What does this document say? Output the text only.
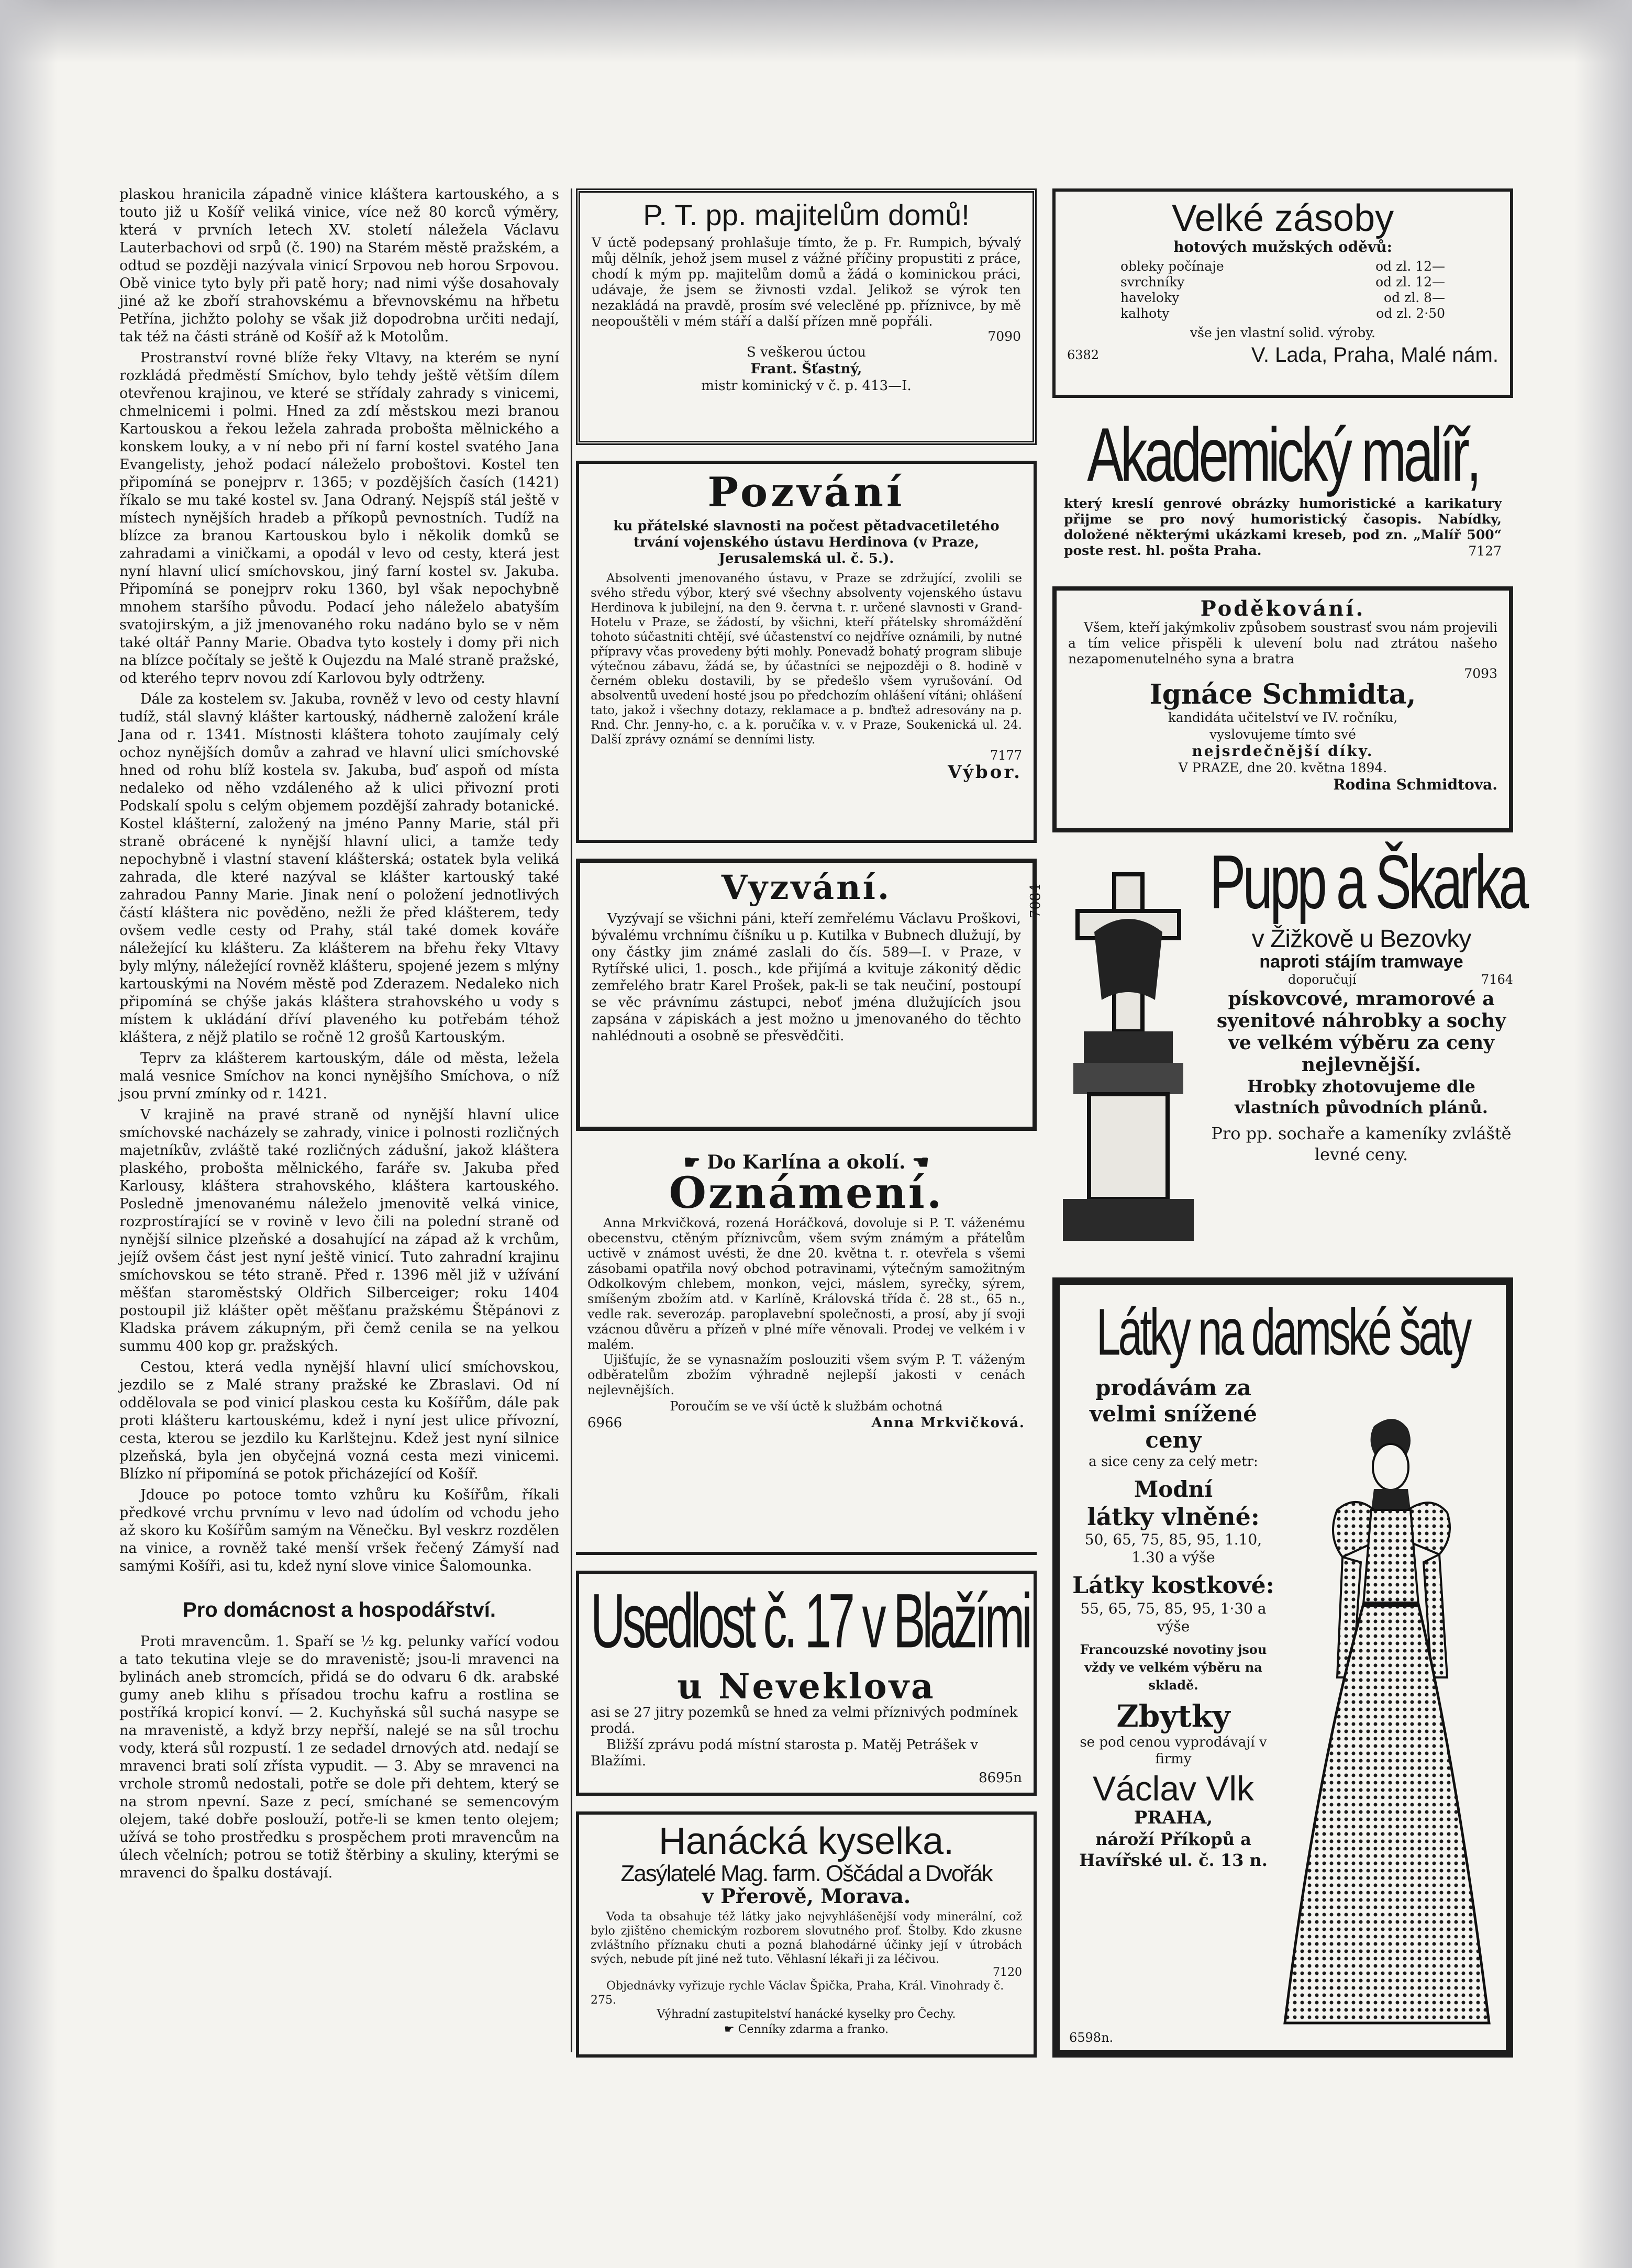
plaskou hranicila západně vinice kláštera kartouského, a s touto již u Košíř veliká vinice, více než 80 korců výměry, která v prvních letech XV. století náležela Václavu Lauterbachovi od srpů (č. 190) na Starém městě pražském, a odtud se později nazývala vinicí Srpovou neb horou Srpovou. Obě vinice tyto byly při patě hory; nad nimi výše dosahovaly jiné až ke zboří strahovskému a břevnovskému na hřbetu Petřína, jichžto polohy se však již dopodrobna určiti nedají, tak též na části stráně od Košíř až k Motolům.

Prostranství rovné blíže řeky Vltavy, na kterém se nyní rozkládá předměstí Smíchov, bylo tehdy ještě větším dílem otevřenou krajinou, ve které se střídaly zahrady s vinicemi, chmelnicemi i polmi. Hned za zdí městskou mezi branou Kartouskou a řekou ležela zahrada probošta mělnického a konskem louky, a v ní nebo při ní farní kostel svatého Jana Evangelisty, jehož podací náleželo proboštovi. Kostel ten připomíná se ponejprv r. 1365; v pozdějších časích (1421) říkalo se mu také kostel sv. Jana Odraný. Nejspíš stál ještě v místech nynějších hradeb a příkopů pevnostních. Tudíž na blízce za branou Kartouskou bylo i několik domků se zahradami a viničkami, a opodál v levo od cesty, která jest nyní hlavní ulicí smíchovskou, jiný farní kostel sv. Jakuba. Připomíná se ponejprv roku 1360, byl však nepochybně mnohem staršího původu. Podací jeho náleželo abatyším svatojirským, a již jmenovaného roku nadáno bylo se v něm také oltář Panny Marie. Obadva tyto kostely i domy při nich na blízce počítaly se ještě k Oujezdu na Malé straně pražské, od kterého teprv novou zdí Karlovou byly odtrženy.

Dále za kostelem sv. Jakuba, rovněž v levo od cesty hlavní tudíž, stál slavný klášter kartouský, nádherně založení krále Jana od r. 1341. Místnosti kláštera tohoto zaujímaly celý ochoz nynějších domův a zahrad ve hlavní ulici smíchovské hned od rohu blíž kostela sv. Jakuba, buď aspoň od místa nedaleko od něho vzdáleného až k ulici přivozní proti Podskalí spolu s celým objemem pozdější zahrady botanické. Kostel klášterní, založený na jméno Panny Marie, stál při straně obrácené k nynější hlavní ulici, a tamže tedy nepochybně i vlastní stavení klášterská; ostatek byla veliká zahrada, dle které nazýval se klášter kartouský také zahradou Panny Marie. Jinak není o položení jednotlivých částí kláštera nic pověděno, nežli že před klášterem, tedy ovšem vedle cesty od Prahy, stál také domek kováře náležející ku klášteru. Za klášterem na břehu řeky Vltavy byly mlýny, náležející rovněž klášteru, spojené jezem s mlýny kartouskými na Novém městě pod Zderazem. Nedaleko nich připomíná se chýše jakás kláštera strahovského u vody s místem k ukládání dříví plaveného ku potřebám téhož kláštera, z nějž platilo se ročně 12 grošů Kartouským.

Teprv za klášterem kartouským, dále od města, ležela malá vesnice Smíchov na konci nynějšího Smíchova, o níž jsou první zmínky od r. 1421.

V krajině na pravé straně od nynější hlavní ulice smíchovské nacházely se zahrady, vinice i polnosti rozličných majetníkův, zvláště také rozličných zádušní, jakož kláštera plaského, probošta mělnického, faráře sv. Jakuba před Karlousy, kláštera strahovského, kláštera kartouského. Posledně jmenovanému náleželo jmenovitě velká vinice, rozprostírající se v rovině v levo čili na polední straně od nynější silnice plzeňské a dosahující na západ až k vrchům, jejíž ovšem část jest nyní ještě vinicí. Tuto zahradní krajinu smíchovskou se této straně. Před r. 1396 měl již v užívání měšťan staroměstský Oldřich Silberceiger; roku 1404 postoupil již klášter opět měšťanu pražskému Štěpánovi z Kladska právem zákupným, při čemž cenila se na yelkou summu 400 kop gr. pražských.

Cestou, která vedla nynější hlavní ulicí smíchovskou, jezdilo se z Malé strany pražské ke Zbraslavi. Od ní oddělovala se pod vinicí plaskou cesta ku Košířům, dále pak proti klášteru kartouskému, kdež i nyní jest ulice přívozní, cesta, kterou se jezdilo ku Karlštejnu. Kdež jest nyní silnice plzeňská, byla jen obyčejná vozná cesta mezi vinicemi. Blízko ní připomíná se potok přicházející od Košíř.

Jdouce po potoce tomto vzhůru ku Košířům, říkali předkové vrchu prvnímu v levo nad údolím od vchodu jeho až skoro ku Košířům samým na Věnečku. Byl veskrz rozdělen na vinice, a rovněž také menší vršek řečený Zámyší nad samými Košíři, asi tu, kdež nyní slove vinice Šalomounka.

Pro domácnost a hospodářství.

Proti mravencům. 1. Spaří se ½ kg. pelunky vařící vodou a tato tekutina vleje se do mravenistě; jsou-li mravenci na bylinách aneb stromcích, přidá se do odvaru 6 dk. arabské gumy aneb klihu s přísadou trochu kafru a rostlina se postříká kropicí konví. — 2. Kuchyňská sůl suchá nasype se na mravenistě, a když brzy nepřší, nalejé se na sůl trochu vody, která sůl rozpustí. 1 ze sedadel drnových atd. nedají se mravenci brati solí zřísta vypudit. — 3. Aby se mravenci na vrchole stromů nedostali, potře se dole při dehtem, který se na strom npevní. Saze z pecí, smíchané se semencovým olejem, také dobře poslouží, potře-li se kmen tento olejem; užívá se toho prostředku s prospěchem proti mravencům na úlech včelních; potrou se totiž štěrbiny a skuliny, kterými se mravenci do špalku dostávají.

P. T. pp. majitelům domů!

V úctě podepsaný prohlašuje tímto, že p. Fr. Rumpich, bývalý můj dělník, jehož jsem musel z vážné příčiny propustiti z práce, chodí k mým pp. majitelům domů a žádá o kominickou práci, udávaje, že jsem se živnosti vzdal. Jelikož se výrok ten nezakládá na pravdě, prosím své veleclěné pp. příznivce, by mě neopouštěli v mém stáří a další přízen mně popřáli.

7090

S veškerou úctou

Frant. Šťastný,

mistr kominický v č. p. 413—I.

Pozvání

ku přátelské slavnosti na počest pětadvacetiletého trvání vojenského ústavu Herdinova (v Praze, Jerusalemská ul. č. 5.).

Absolventi jmenovaného ústavu, v Praze se zdržující, zvolili se svého středu výbor, který své všechny absolventy vojenského ústavu Herdinova k jubilejní, na den 9. června t. r. určené slavnosti v Grand-Hotelu v Praze, se žádostí, by všichni, kteří přátelsky shromáždění tohoto súčastniti chtějí, své účastenství co nejdříve oznámili, by nutné přípravy včas provedeny býti mohly. Ponevadž bohatý program slibuje výtečnou zábavu, žádá se, by účastníci se nejpozději o 8. hodině v černém obleku dostavili, by se předešlo všem vyrušování. Od absolventů uvedení hosté jsou po předchozím ohlášení vítáni; ohlášení tato, jakož i všechny dotazy, reklamace a p. bnďtež adresovány na p. Rnd. Chr. Jenny-ho, c. a k. poručíka v. v. v Praze, Soukenická ul. 24. Další zprávy oznámí se denními listy.

7177

Výbor.

Vyzvání.	7084

Vyzývají se všichni páni, kteří zemřelému Václavu Proškovi, bývalému vrchnímu číšníku u p. Kutilka v Bubnech dlužují, by ony částky jim známé zaslali do čís. 589—I. v Praze, v Rytířské ulici, 1. posch., kde přijímá a kvituje zákonitý dědic zemřelého bratr Karel Prošek, pak-li se tak neučiní, postoupí se věc právnímu zástupci, neboť jména dlužujících jsou zapsána v zápiskách a jest možno u jmenovaného do těchto nahlédnouti a osobně se přesvědčiti.

☛ Do Karlína a okolí. ☚
Oznámení.

Anna Mrkvičková, rozená Horáčková, dovoluje si P. T. váženému obecenstvu, ctěným příznivcům, všem svým známým a přátelům uctivě v známost uvésti, že dne 20. května t. r. otevřela s všemi zásobami opatřila nový obchod potravinami, výtečným samožitným Odkolkovým chlebem, monkon, vejci, máslem, syrečky, sýrem, smíšeným zbožím atd. v Karlíně, Královská třída č. 28 st., 65 n., vedle rak. severozáp. paroplavební společnosti, a prosí, aby jí svoji vzácnou důvěru a přízeň v plné míře věnovali. Prodej ve velkém i v malém.

Ujišťujíc, že se vynasnažím poslouziti všem svým P. T. váženým odběratelům zbožím výhradně nejlepší jakosti v cenách nejlevnějších.

Poroučím se ve vší úctě k službám ochotná

6966	Anna Mrkvičková.
Usedlost č. 17 v Blažími
u Neveklova

asi se 27 jitry pozemků se hned za velmi příznivých podmínek prodá.

Bližší zprávu podá místní starosta p. Matěj Petrášek v Blažími.

8695n

Hanácká kyselka.
Zasýlatelé Mag. farm. Oščádal a Dvořák
v Přerově, Morava.

Voda ta obsahuje též látky jako nejvyhlášenější vody minerální, což bylo zjištěno chemickým rozborem slovutného prof. Štolby. Kdo zkusne zvláštního příznaku chuti a pozná blahodárné účinky její v útrobách svých, nebude pít jiné než tuto. Věhlasní lékaři ji za léčivou.

7120

Objednávky vyřizuje rychle Václav Špička, Praha, Král. Vinohrady č. 275.

Výhradní zastupitelství hanácké kyselky pro Čechy.

☛ Cenníky zdarma a franko.
Velké zásoby
hotových mužských oděvů:
obleky počínaje	od zl. 12—
svrchníky	od zl. 12—
haveloky	od zl. 8—
kalhoty	od zl. 2·50
vše jen vlastní solid. výroby.
6382	V. Lada, Praha, Malé nám.
Akademický malíř,

který kreslí genrové obrázky humoristické a karikatury přijme se pro nový humoristický časopis. Nabídky, doložené některými ukázkami kreseb, pod zn. „Malíř 500“ poste rest. hl. pošta Praha.	7127

Poděkování.

Všem, kteří jakýmkoliv způsobem soustrasť svou nám projevili a tím velice přispěli k ulevení bolu nad ztrátou našeho nezapomenutelného syna a bratra

7093

Ignáce Schmidta,

kandidáta učitelství ve IV. ročníku,

vyslovujeme tímto své

nejsrdečnější díky.

V PRAZE, dne 20. května 1894.

Rodina Schmidtova.

Pupp a Škarka
v Žižkově u Bezovky
naproti stájím tramwaye
doporučují	7164

pískovcové, mramorové a syenitové náhrobky a sochy ve velkém výběru za ceny nejlevnější.

Hrobky zhotovujeme dle vlastních původních plánů.

Pro pp. sochaře a kameníky zvláště levné ceny.

Látky na damské šaty
prodávám za
velmi snížené
ceny
a sice ceny za celý metr:
Modní
látky vlněné:
50, 65, 75, 85, 95, 1.10, 1.30 a výše
Látky kostkové:
55, 65, 75, 85, 95, 1·30 a výše
Francouzské novotiny jsou vždy ve velkém výběru na skladě.
Zbytky
se pod cenou vyprodávají v firmy
Václav Vlk
PRAHA,
nároží Příkopů a Havířské ul. č. 13 n.
6598n.
